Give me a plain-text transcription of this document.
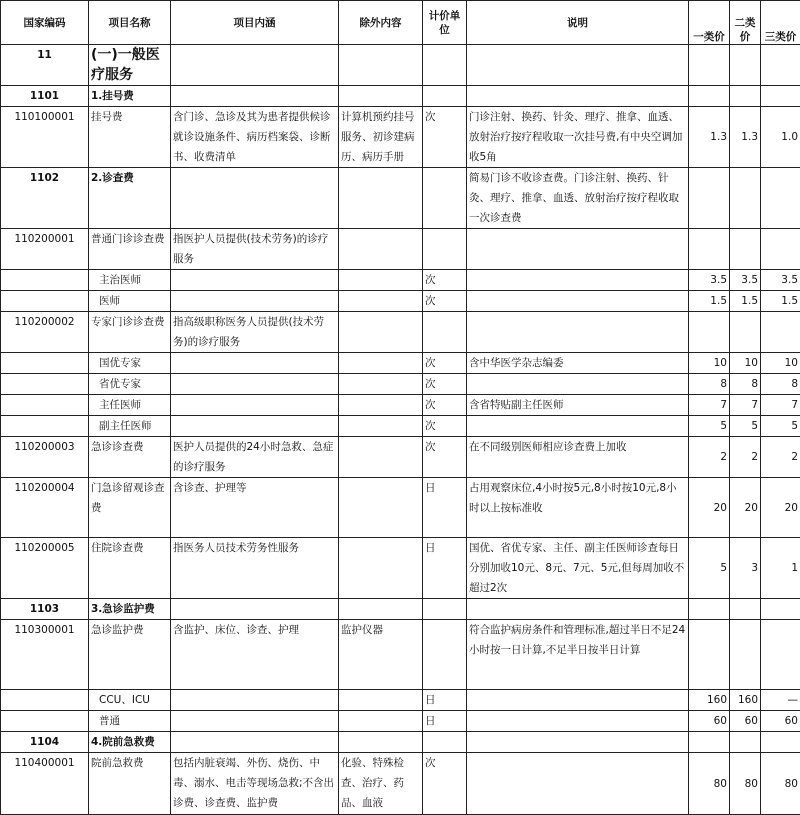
国家编码	项目名称	项目内涵	除外内容	计价单位	说明	一类价	二类价	三类价
11	(一)一般医疗服务							
1101	1.挂号费							
110100001	挂号费	含门诊、急诊及其为患者提供候诊就诊设施条件、病历档案袋、诊断书、收费清单	计算机预约挂号服务、初诊建病历、病历手册	次	门诊注射、换药、针灸、理疗、推拿、血透、放射治疗按疗程收取一次挂号费,有中央空调加收5角	1.3	1.3	1.0
1102	2.诊查费				简易门诊不收诊查费。门诊注射、换药、针灸、理疗、推拿、血透、放射治疗按疗程收取一次诊查费			
110200001	普通门诊诊查费	指医护人员提供(技术劳务)的诊疗服务						
	主治医师			次		3.5	3.5	3.5
	医师			次		1.5	1.5	1.5
110200002	专家门诊诊查费	指高级职称医务人员提供(技术劳务)的诊疗服务						
	国优专家			次	含中华医学杂志编委	10	10	10
	省优专家			次		8	8	8
	主任医师			次	含省特贴副主任医师	7	7	7
	副主任医师			次		5	5	5
110200003	急诊诊查费	医护人员提供的24小时急救、急症的诊疗服务		次	在不同级别医师相应诊查费上加收	2	2	2
110200004	门急诊留观诊查费	含诊查、护理等		日	占用观察床位,4小时按5元,8小时按10元,8小时以上按标准收	20	20	20
110200005	住院诊查费	指医务人员技术劳务性服务		日	国优、省优专家、主任、副主任医师诊查每日分别加收10元、8元、7元、5元,但每周加收不超过2次	5	3	1
1103	3.急诊监护费							
110300001	急诊监护费	含监护、床位、诊查、护理	监护仪器		符合监护病房条件和管理标准,超过半日不足24小时按一日计算,不足半日按半日计算			
	CCU、ICU			日		160	160	—
	普通			日		60	60	60
1104	4.院前急救费							
110400001	院前急救费	包括内脏衰竭、外伤、烧伤、中毒、溺水、电击等现场急救;不含出诊费、诊查费、监护费	化验、特殊检查、治疗、药品、血液	次		80	80	80
